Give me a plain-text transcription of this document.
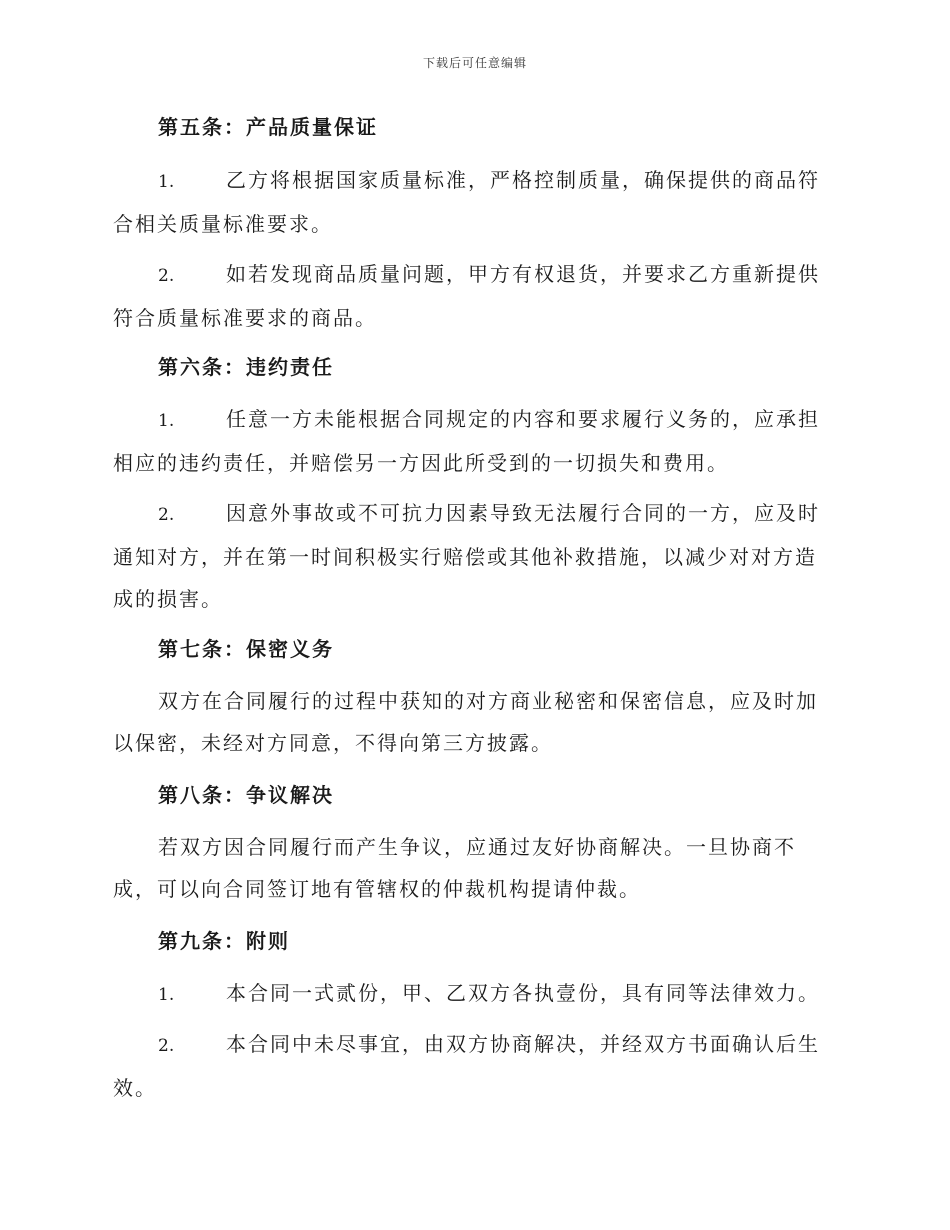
下载后可任意编辑
第五条：产品质量保证
1.	乙方将根据国家质量标准，严格控制质量，确保提供的商品符合相关质量标准要求。
2.	如若发现商品质量问题，甲方有权退货，并要求乙方重新提供符合质量标准要求的商品。
第六条：违约责任
1.	任意一方未能根据合同规定的内容和要求履行义务的，应承担相应的违约责任，并赔偿另一方因此所受到的一切损失和费用。
2.	因意外事故或不可抗力因素导致无法履行合同的一方，应及时通知对方，并在第一时间积极实行赔偿或其他补救措施，以减少对对方造成的损害。
第七条：保密义务
双方在合同履行的过程中获知的对方商业秘密和保密信息，应及时加以保密，未经对方同意，不得向第三方披露。
第八条：争议解决
若双方因合同履行而产生争议，应通过友好协商解决。一旦协商不成，可以向合同签订地有管辖权的仲裁机构提请仲裁。
第九条：附则
1.	本合同一式贰份，甲、乙双方各执壹份，具有同等法律效力。
2.	本合同中未尽事宜，由双方协商解决，并经双方书面确认后生效。
